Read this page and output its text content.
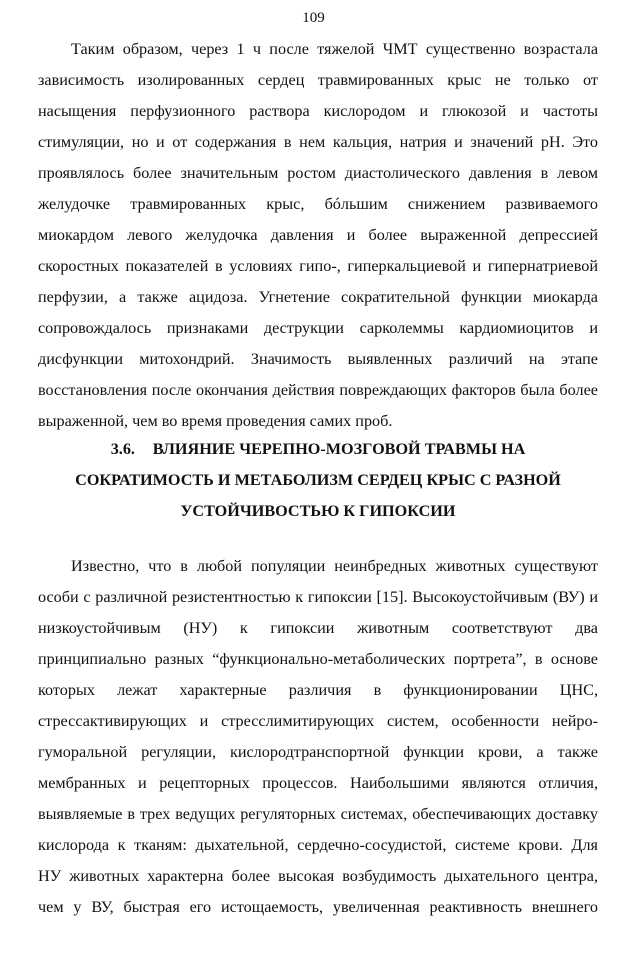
109
Таким образом, через 1 ч после тяжелой ЧМТ существенно возрастала
зависимость изолированных сердец травмированных крыс не только от
насыщения перфузионного раствора кислородом и глюкозой и частоты
стимуляции, но и от содержания в нем кальция, натрия и значений pH. Это
проявлялось более значительным ростом диастолического давления в левом
желудочке травмированных крыс, бóльшим снижением развиваемого
миокардом левого желудочка давления и более выраженной депрессией
скоростных показателей в условиях гипо-, гиперкальциевой и гипернатриевой
перфузии, а также ацидоза. Угнетение сократительной функции миокарда
сопровождалось признаками деструкции сарколеммы кардиомиоцитов и
дисфункции митохондрий. Значимость выявленных различий на этапе
восстановления после окончания действия повреждающих факторов была более
выраженной, чем во время проведения самих проб.
3.6. ВЛИЯНИЕ ЧЕРЕПНО-МОЗГОВОЙ ТРАВМЫ НА
СОКРАТИМОСТЬ И МЕТАБОЛИЗМ СЕРДЕЦ КРЫС С РАЗНОЙ
УСТОЙЧИВОСТЬЮ К ГИПОКСИИ
Известно, что в любой популяции неинбредных животных существуют
особи с различной резистентностью к гипоксии [15]. Высокоустойчивым (ВУ) и
низкоустойчивым (НУ) к гипоксии животным соответствуют два
принципиально разных “функционально-метаболических портрета”, в основе
которых лежат характерные различия в функционировании ЦНС,
стрессактивирующих и стресслимитирующих систем, особенности нейро-
гуморальной регуляции, кислородтранспортной функции крови, а также
мембранных и рецепторных процессов. Наибольшими являются отличия,
выявляемые в трех ведущих регуляторных системах, обеспечивающих доставку
кислорода к тканям: дыхательной, сердечно-сосудистой, системе крови. Для
НУ животных характерна более высокая возбудимость дыхательного центра,
чем у ВУ, быстрая его истощаемость, увеличенная реактивность внешнего
